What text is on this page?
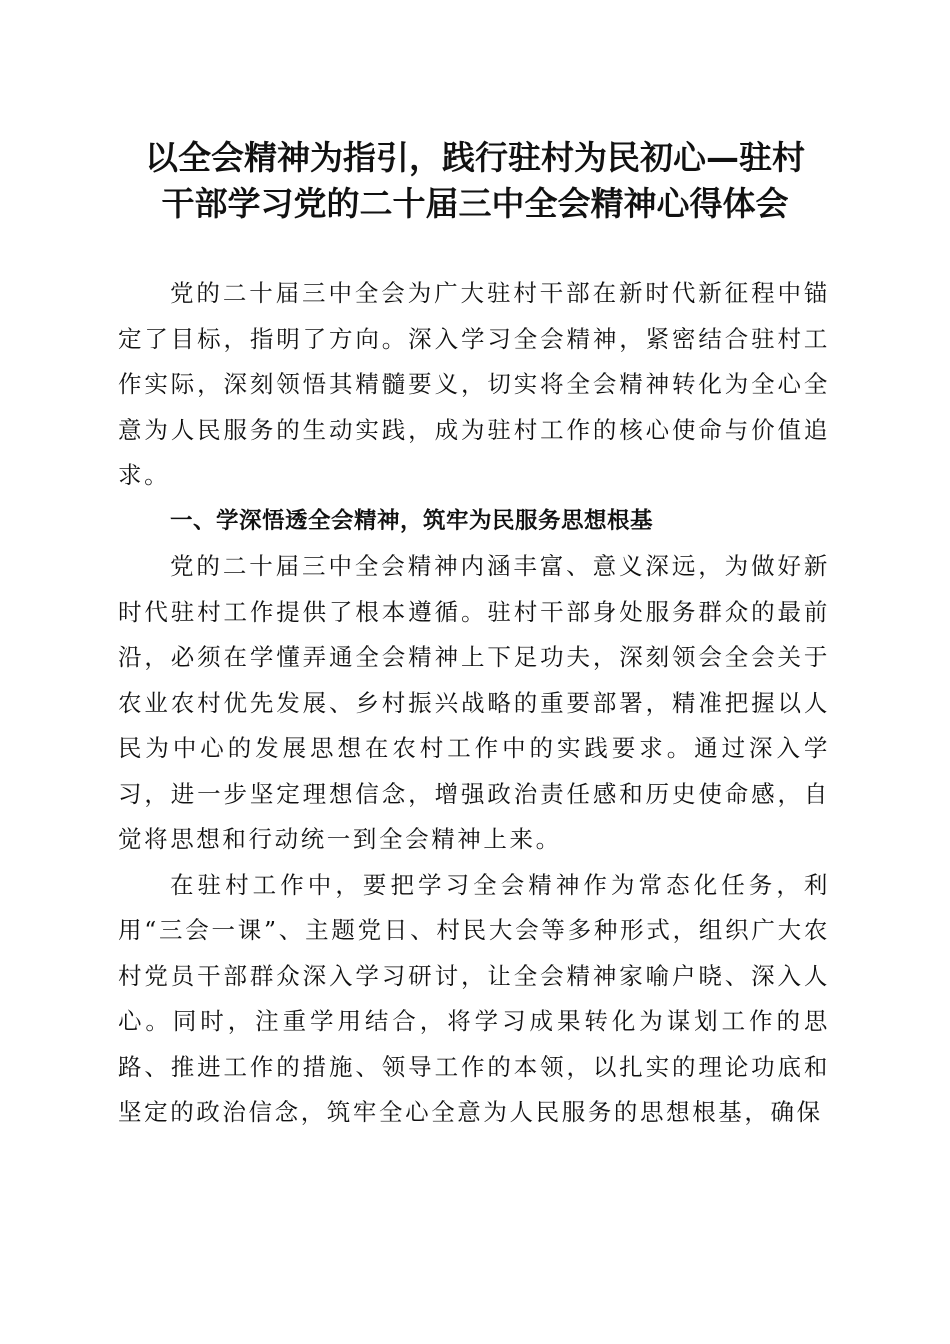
以全会精神为指引，践行驻村为民初心—驻村
干部学习党的二十届三中全会精神心得体会

党的二十届三中全会为广大驻村干部在新时代新征程中锚定了目标，指明了方向。深入学习全会精神，紧密结合驻村工作实际，深刻领悟其精髓要义，切实将全会精神转化为全心全意为人民服务的生动实践，成为驻村工作的核心使命与价值追求。

一、学深悟透全会精神，筑牢为民服务思想根基

党的二十届三中全会精神内涵丰富、意义深远，为做好新时代驻村工作提供了根本遵循。驻村干部身处服务群众的最前沿，必须在学懂弄通全会精神上下足功夫，深刻领会全会关于农业农村优先发展、乡村振兴战略的重要部署，精准把握以人民为中心的发展思想在农村工作中的实践要求。通过深入学习，进一步坚定理想信念，增强政治责任感和历史使命感，自觉将思想和行动统一到全会精神上来。

在驻村工作中，要把学习全会精神作为常态化任务，利用“三会一课”、主题党日、村民大会等多种形式，组织广大农村党员干部群众深入学习研讨，让全会精神家喻户晓、深入人心。同时，注重学用结合，将学习成果转化为谋划工作的思路、推进工作的措施、领导工作的本领，以扎实的理论功底和坚定的政治信念，筑牢全心全意为人民服务的思想根基，确保
